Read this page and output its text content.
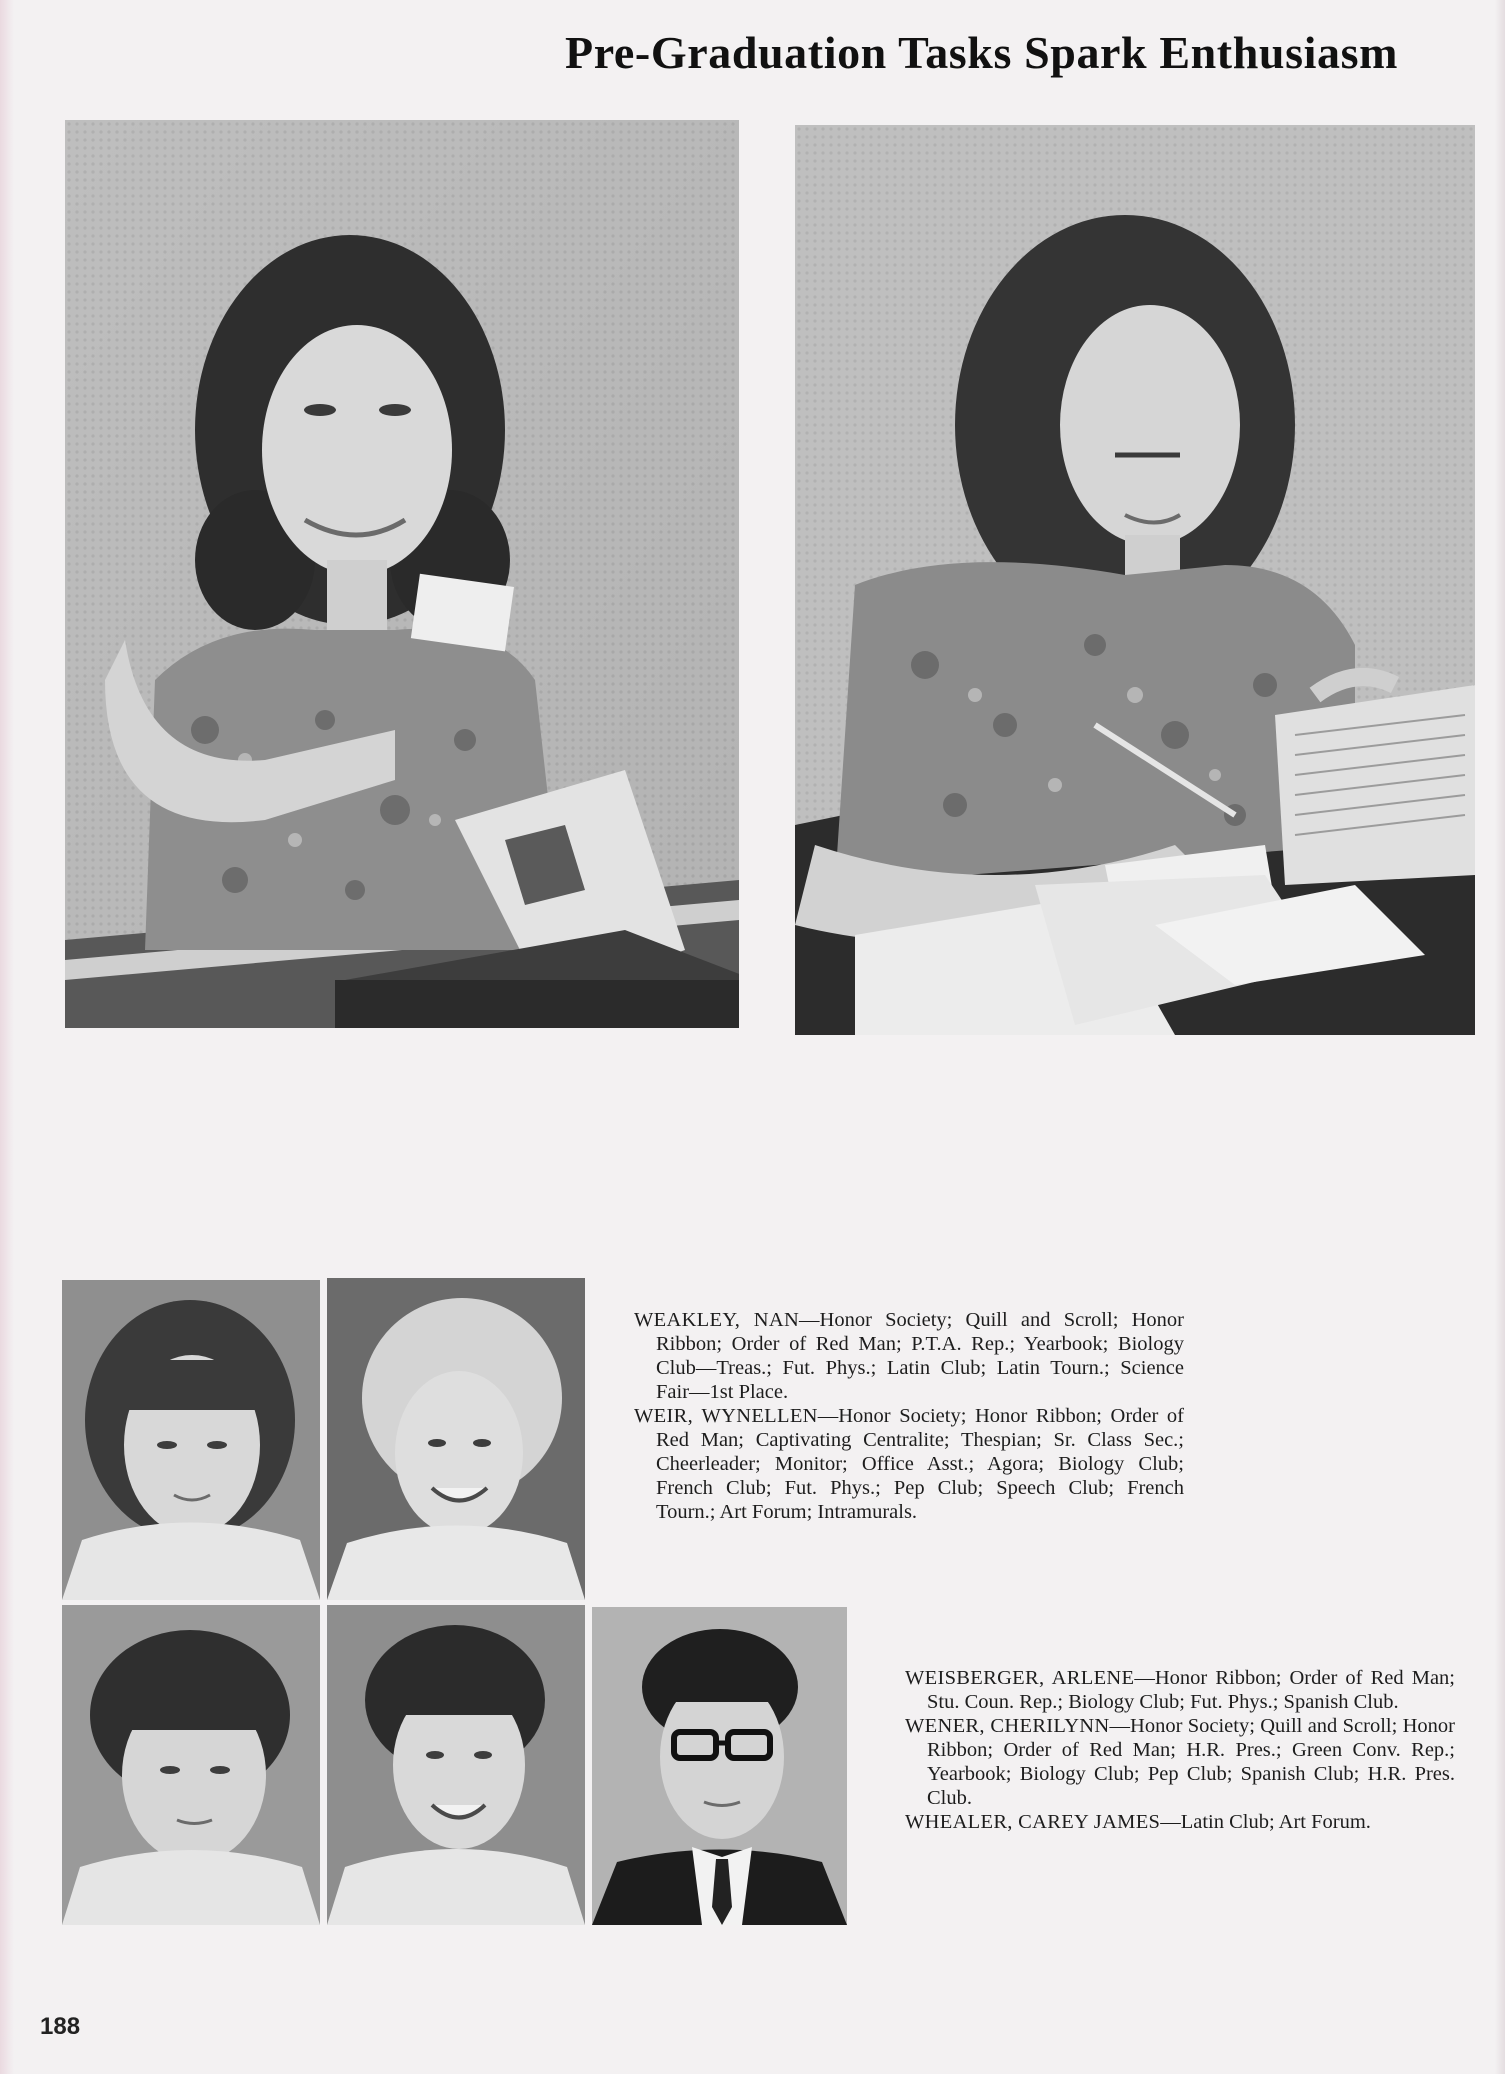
Pre-Graduation Tasks Spark Enthusiasm

WEAKLEY, NAN—Honor Society; Quill and Scroll; Honor Ribbon; Order of Red Man; P.T.A. Rep.; Yearbook; Biology Club—Treas.; Fut. Phys.; Latin Club; Latin Tourn.; Science Fair—1st Place.

WEIR, WYNELLEN—Honor Society; Honor Ribbon; Order of Red Man; Captivating Centralite; Thespian; Sr. Class Sec.; Cheerleader; Monitor; Office Asst.; Agora; Biology Club; French Club; Fut. Phys.; Pep Club; Speech Club; French Tourn.; Art Forum; Intramurals.

WEISBERGER, ARLENE—Honor Ribbon; Order of Red Man; Stu. Coun. Rep.; Biology Club; Fut. Phys.; Spanish Club.

WENER, CHERILYNN—Honor Society; Quill and Scroll; Honor Ribbon; Order of Red Man; H.R. Pres.; Green Conv. Rep.; Yearbook; Biology Club; Pep Club; Spanish Club; H.R. Pres. Club.

WHEALER, CAREY JAMES—Latin Club; Art Forum.

188
